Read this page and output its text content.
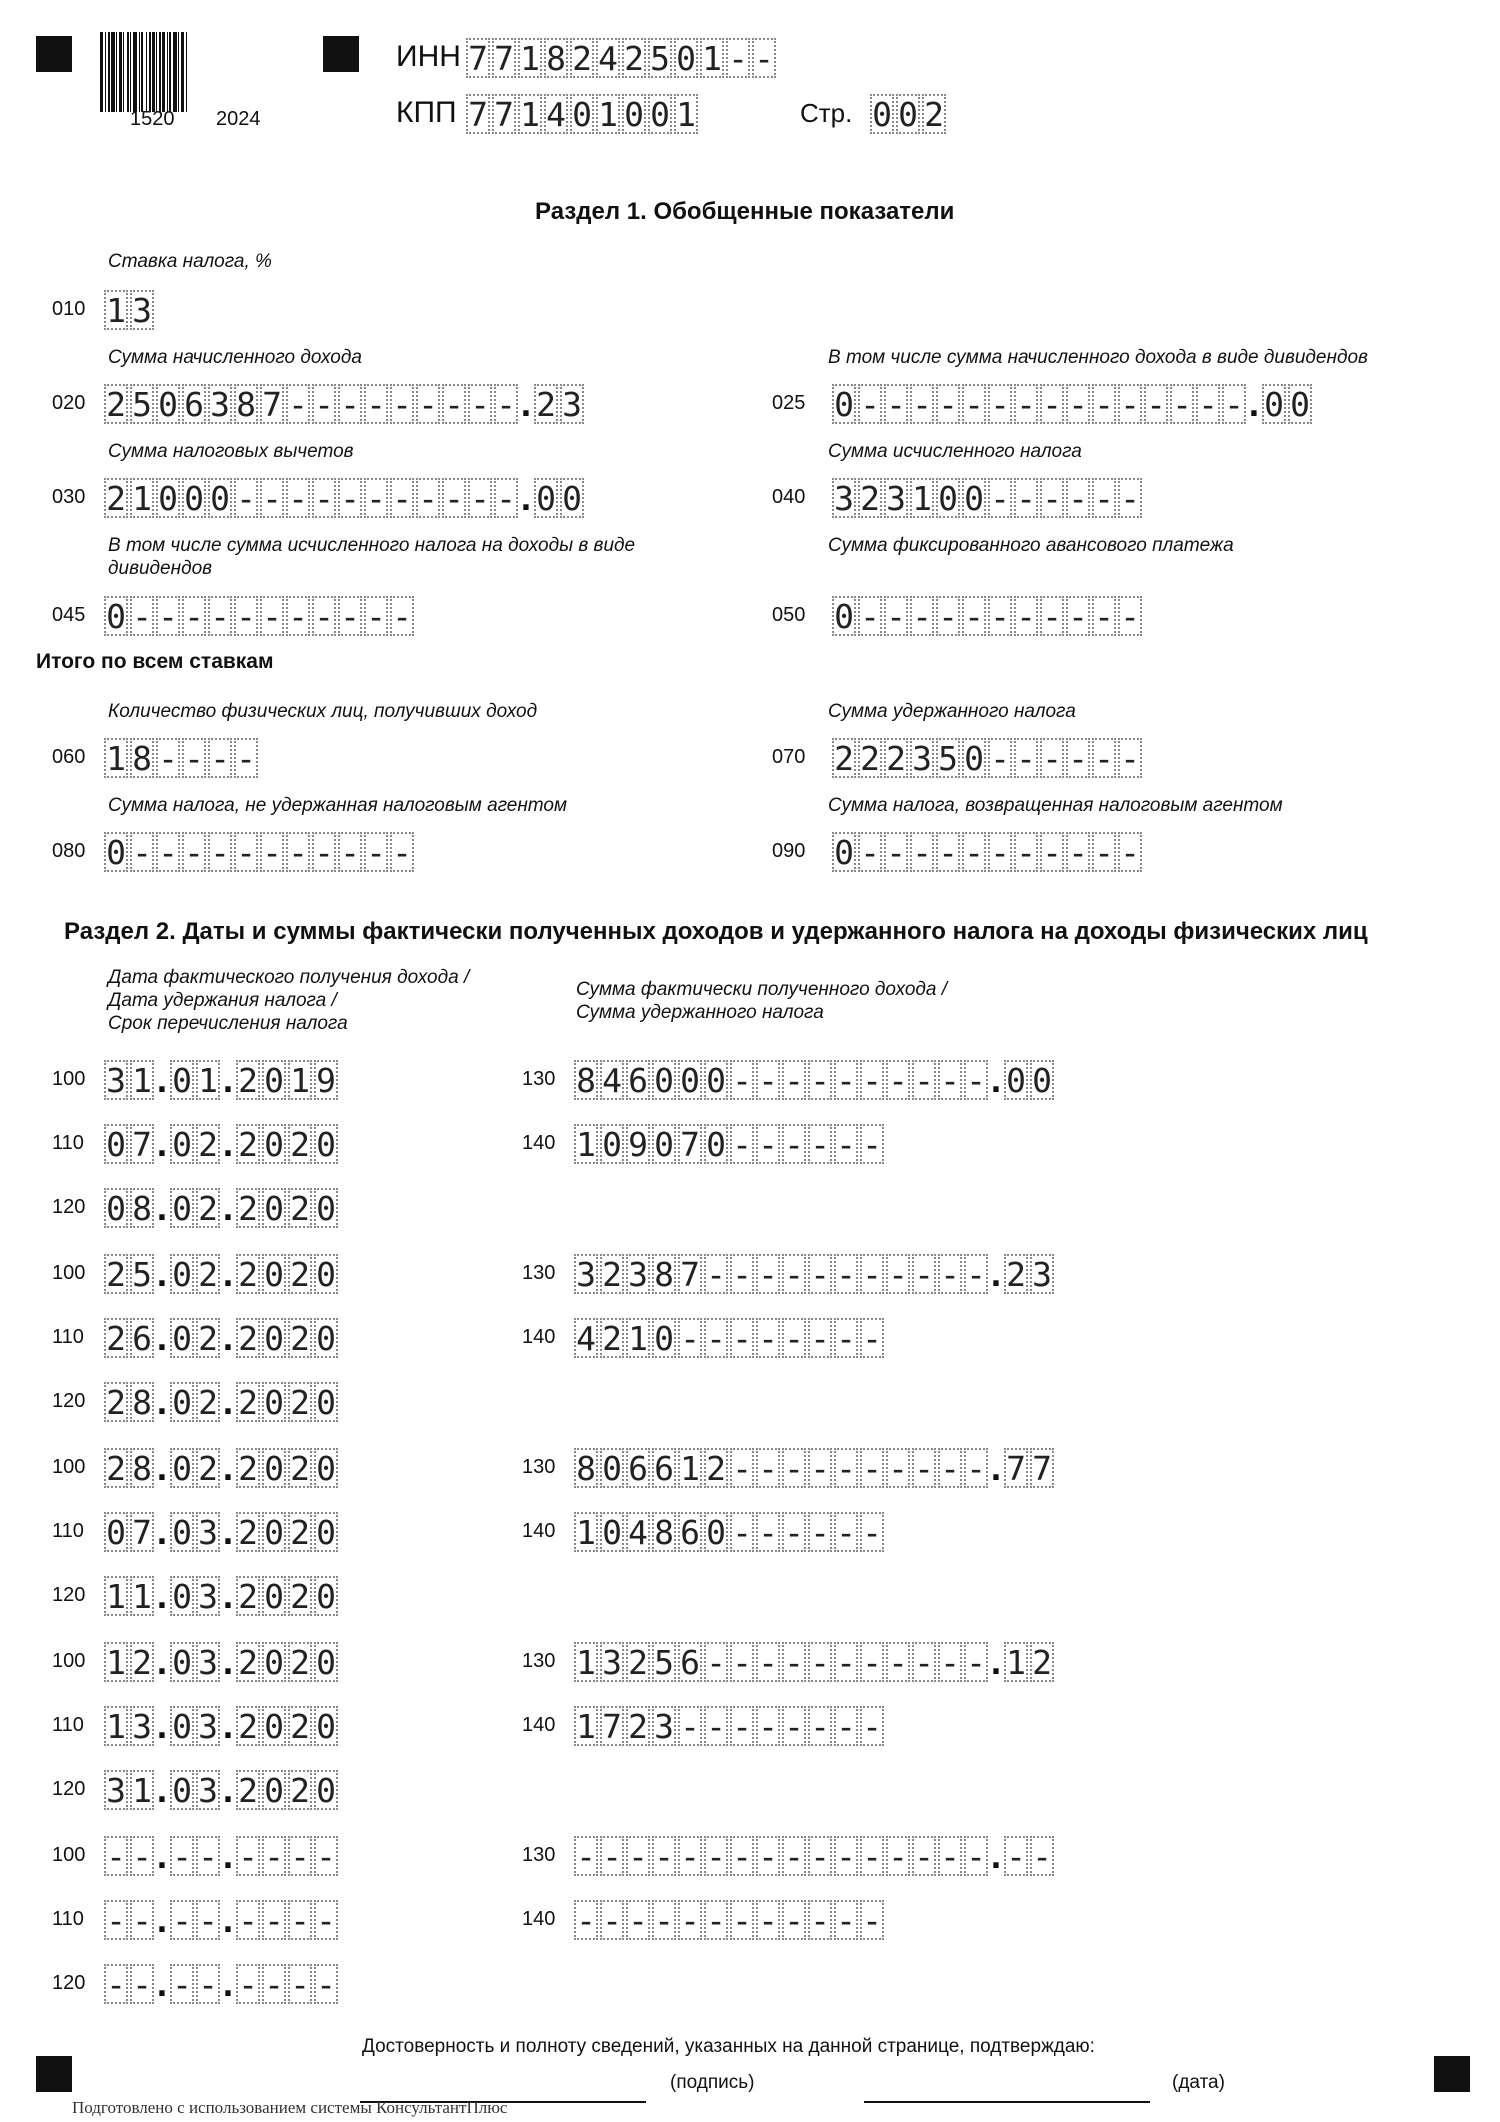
1520 2024
ИНН 7 7 1 8 2 4 2 5 0 1 - -
КПП 7 7 1 4 0 1 0 0 1	Стр. 0 0 2
Раздел 1. Обобщенные показатели
Итого по всем ставкам
Ставка налога, %
010 1 3
Сумма начисленного дохода
020 2 5 0 6 3 8 7 - - - - - - - - - . 2 3
В том числе сумма начисленного дохода в виде дивидендов
025 0 - - - - - - - - - - - - - - - . 0 0
Сумма налоговых вычетов
030 2 1 0 0 0 - - - - - - - - - - - . 0 0
Сумма исчисленного налога
040 3 2 3 1 0 0 - - - - - -
В том числе сумма исчисленного налога на доходы в виде дивидендов
045 0 - - - - - - - - - - -
Сумма фиксированного авансового платежа
050 0 - - - - - - - - - - -
Количество физических лиц, получивших доход
060 1 8 - - - -
Сумма удержанного налога
070 2 2 2 3 5 0 - - - - - -
Сумма налога, не удержанная налоговым агентом
080 0 - - - - - - - - - - -
Сумма налога, возвращенная налоговым агентом
090 0 - - - - - - - - - - -
Раздел 2. Даты и суммы фактически полученных доходов и удержанного налога на доходы физических лиц
Дата фактического получения дохода /
Дата удержания налога /
Срок перечисления налога
Сумма фактически полученного дохода /
Сумма удержанного налога
100 3 1 . 0 1 . 2 0 1 9
110 0 7 . 0 2 . 2 0 2 0
120 0 8 . 0 2 . 2 0 2 0
130 8 4 6 0 0 0 - - - - - - - - - - . 0 0
140 1 0 9 0 7 0 - - - - - -
100 2 5 . 0 2 . 2 0 2 0
110 2 6 . 0 2 . 2 0 2 0
120 2 8 . 0 2 . 2 0 2 0
130 3 2 3 8 7 - - - - - - - - - - - . 2 3
140 4 2 1 0 - - - - - - - -
100 2 8 . 0 2 . 2 0 2 0
110 0 7 . 0 3 . 2 0 2 0
120 1 1 . 0 3 . 2 0 2 0
130 8 0 6 6 1 2 - - - - - - - - - - . 7 7
140 1 0 4 8 6 0 - - - - - -
100 1 2 . 0 3 . 2 0 2 0
110 1 3 . 0 3 . 2 0 2 0
120 3 1 . 0 3 . 2 0 2 0
130 1 3 2 5 6 - - - - - - - - - - - . 1 2
140 1 7 2 3 - - - - - - - -
100 - - . - - . - - - -
110 - - . - - . - - - -
120 - - . - - . - - - -
130 - - - - - - - - - - - - - - - - . - -
140 - - - - - - - - - - - -
Достоверность и полноту сведений, указанных на данной странице, подтверждаю:
(подпись)	(дата)
Подготовлено с использованием системы КонсультантПлюс
